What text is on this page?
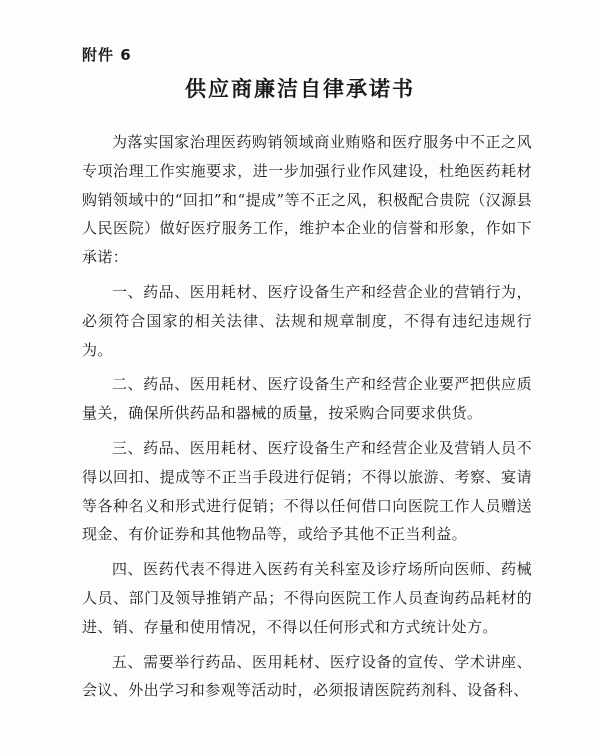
附件 6
供应商廉洁自律承诺书

为落实国家治理医药购销领域商业贿赂和医疗服务中不正之风专项治理工作实施要求，进一步加强行业作风建设，杜绝医药耗材购销领域中的“回扣”和“提成”等不正之风，积极配合贵院（汉源县人民医院）做好医疗服务工作，维护本企业的信誉和形象，作如下承诺：

一、药品、医用耗材、医疗设备生产和经营企业的营销行为，必须符合国家的相关法律、法规和规章制度，不得有违纪违规行为。

二、药品、医用耗材、医疗设备生产和经营企业要严把供应质量关，确保所供药品和器械的质量，按采购合同要求供货。

三、药品、医用耗材、医疗设备生产和经营企业及营销人员不得以回扣、提成等不正当手段进行促销；不得以旅游、考察、宴请等各种名义和形式进行促销；不得以任何借口向医院工作人员赠送现金、有价证券和其他物品等，或给予其他不正当利益。

四、医药代表不得进入医药有关科室及诊疗场所向医师、药械人员、部门及领导推销产品；不得向医院工作人员查询药品耗材的进、销、存量和使用情况，不得以任何形式和方式统计处方。

五、需要举行药品、医用耗材、医疗设备的宣传、学术讲座、会议、外出学习和参观等活动时，必须报请医院药剂科、设备科、
